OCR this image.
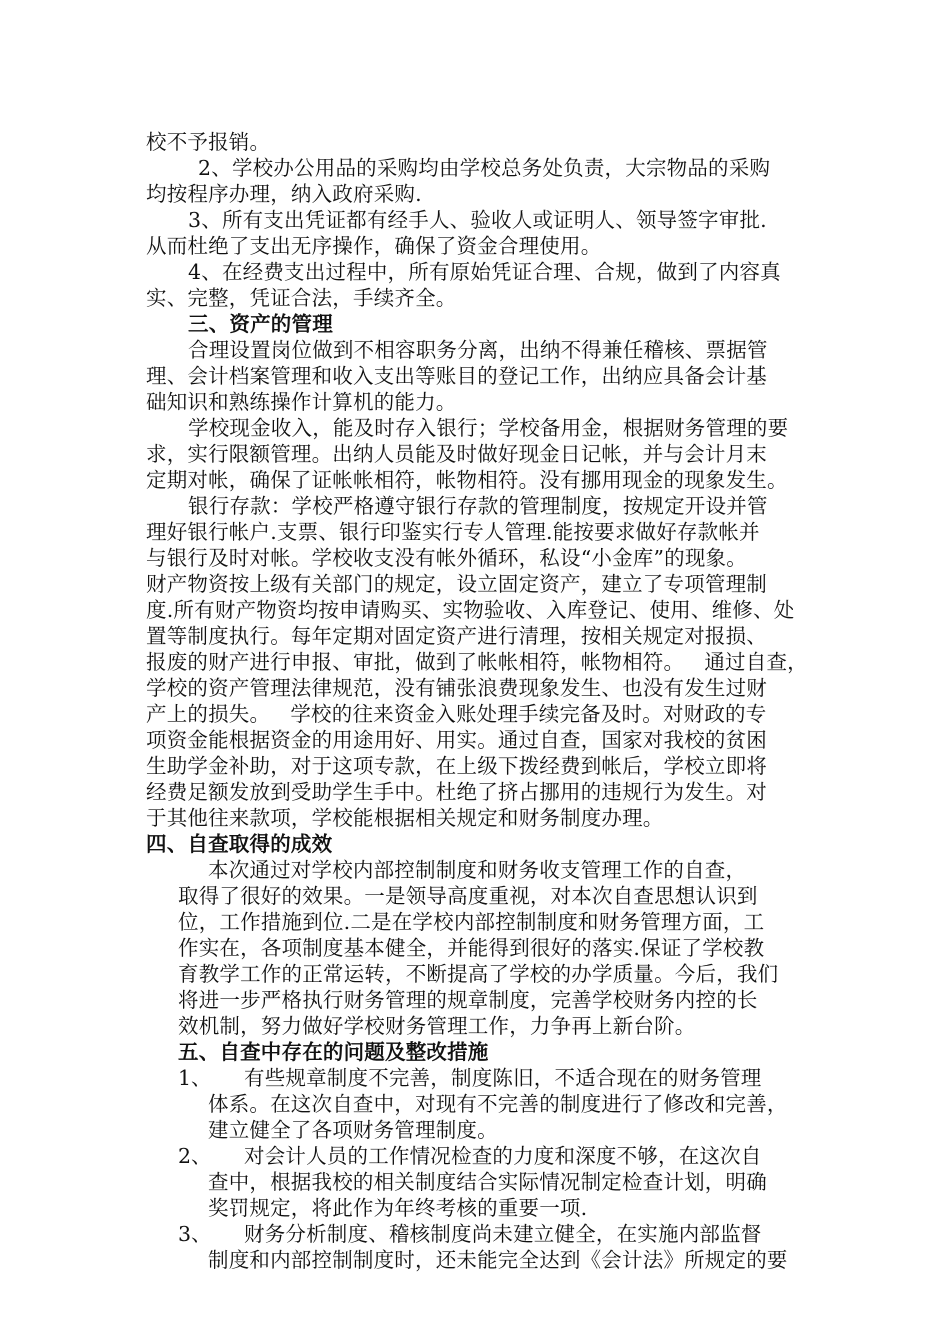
校不予报销。
2、学校办公用品的采购均由学校总务处负责，大宗物品的采购
均按程序办理，纳入政府采购.
3、所有支出凭证都有经手人、验收人或证明人、领导签字审批.
从而杜绝了支出无序操作，确保了资金合理使用。
4、在经费支出过程中，所有原始凭证合理、合规，做到了内容真
实、完整，凭证合法，手续齐全。
三、资产的管理
合理设置岗位做到不相容职务分离，出纳不得兼任稽核、票据管
理、会计档案管理和收入支出等账目的登记工作，出纳应具备会计基
础知识和熟练操作计算机的能力。
学校现金收入，能及时存入银行；学校备用金，根据财务管理的要
求，实行限额管理。出纳人员能及时做好现金日记帐，并与会计月末
定期对帐，确保了证帐帐相符，帐物相符。没有挪用现金的现象发生。
银行存款：学校严格遵守银行存款的管理制度，按规定开设并管
理好银行帐户.支票、银行印鉴实行专人管理.能按要求做好存款帐并
与银行及时对帐。学校收支没有帐外循环，私设“小金库”的现象。
财产物资按上级有关部门的规定，设立固定资产，建立了专项管理制
度.所有财产物资均按申请购买、实物验收、入库登记、使用、维修、处
置等制度执行。每年定期对固定资产进行清理，按相关规定对报损、
报废的财产进行申报、审批，做到了帐帐相符，帐物相符。   通过自查，
学校的资产管理法律规范，没有铺张浪费现象发生、也没有发生过财
产上的损失。   学校的往来资金入账处理手续完备及时。对财政的专
项资金能根据资金的用途用好、用实。通过自查，国家对我校的贫困
生助学金补助，对于这项专款，在上级下拨经费到帐后，学校立即将
经费足额发放到受助学生手中。杜绝了挤占挪用的违规行为发生。对
于其他往来款项，学校能根据相关规定和财务制度办理。
四、自查取得的成效
本次通过对学校内部控制制度和财务收支管理工作的自查，
取得了很好的效果。一是领导高度重视，对本次自查思想认识到
位，工作措施到位.二是在学校内部控制制度和财务管理方面，工
作实在，各项制度基本健全，并能得到很好的落实.保证了学校教
育教学工作的正常运转，不断提高了学校的办学质量。今后，我们
将进一步严格执行财务管理的规章制度，完善学校财务内控的长
效机制，努力做好学校财务管理工作，力争再上新台阶。
五、自查中存在的问题及整改措施
1、 有些规章制度不完善，制度陈旧，不适合现在的财务管理
体系。在这次自查中，对现有不完善的制度进行了修改和完善，
建立健全了各项财务管理制度。
2、 对会计人员的工作情况检查的力度和深度不够，在这次自
查中，根据我校的相关制度结合实际情况制定检查计划，明确
奖罚规定，将此作为年终考核的重要一项.
3、 财务分析制度、稽核制度尚未建立健全，在实施内部监督
制度和内部控制制度时，还未能完全达到《会计法》所规定的要
